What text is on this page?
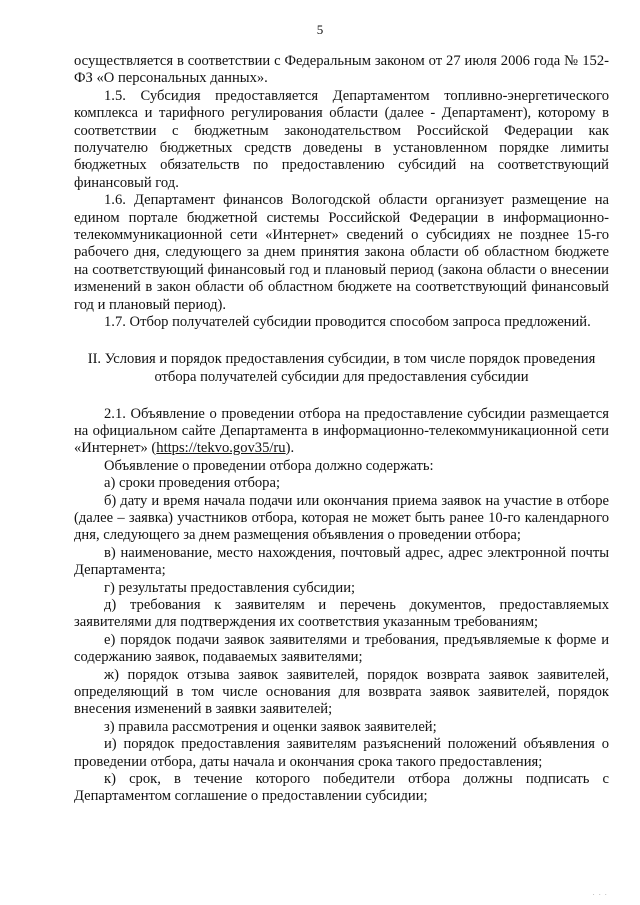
5

осуществляется в соответствии с Федеральным законом от 27 июля 2006 года № 152-ФЗ «О персональных данных».

1.5. Субсидия предоставляется Департаментом топливно-энергетического комплекса и тарифного регулирования области (далее - Департамент), которому в соответствии с бюджетным законодательством Российской Федерации как получателю бюджетных средств доведены в установленном порядке лимиты бюджетных обязательств по предоставлению субсидий на соответствующий финансовый год.

1.6. Департамент финансов Вологодской области организует размещение на едином портале бюджетной системы Российской Федерации в информационно-телекоммуникационной сети «Интернет» сведений о субсидиях не позднее 15-го рабочего дня, следующего за днем принятия закона области об областном бюджете на соответствующий финансовый год и плановый период (закона области о внесении изменений в закон области об областном бюджете на соответствующий финансовый год и плановый период).

1.7. Отбор получателей субсидии проводится способом запроса предложений.

II. Условия и порядок предоставления субсидии, в том числе порядок проведения отбора получателей субсидии для предоставления субсидии

2.1. Объявление о проведении отбора на предоставление субсидии размещается на официальном сайте Департамента в информационно-телекоммуникационной сети «Интернет» (https://tekvo.gov35/ru).

Объявление о проведении отбора должно содержать:

а) сроки проведения отбора;

б) дату и время начала подачи или окончания приема заявок на участие в отборе (далее – заявка) участников отбора, которая не может быть ранее 10-го календарного дня, следующего за днем размещения объявления о проведении отбора;

в) наименование, место нахождения, почтовый адрес, адрес электронной почты Департамента;

г) результаты предоставления субсидии;

д) требования к заявителям и перечень документов, предоставляемых заявителями для подтверждения их соответствия указанным требованиям;

е) порядок подачи заявок заявителями и требования, предъявляемые к форме и содержанию заявок, подаваемых заявителями;

ж) порядок отзыва заявок заявителей, порядок возврата заявок заявителей, определяющий в том числе основания для возврата заявок заявителей, порядок внесения изменений в заявки заявителей;

з) правила рассмотрения и оценки заявок заявителей;

и) порядок предоставления заявителям разъяснений положений объявления о проведении отбора, даты начала и окончания срока такого предоставления;

к) срок, в течение которого победители отбора должны подписать с Департаментом соглашение о предоставлении субсидии;

· · ·
